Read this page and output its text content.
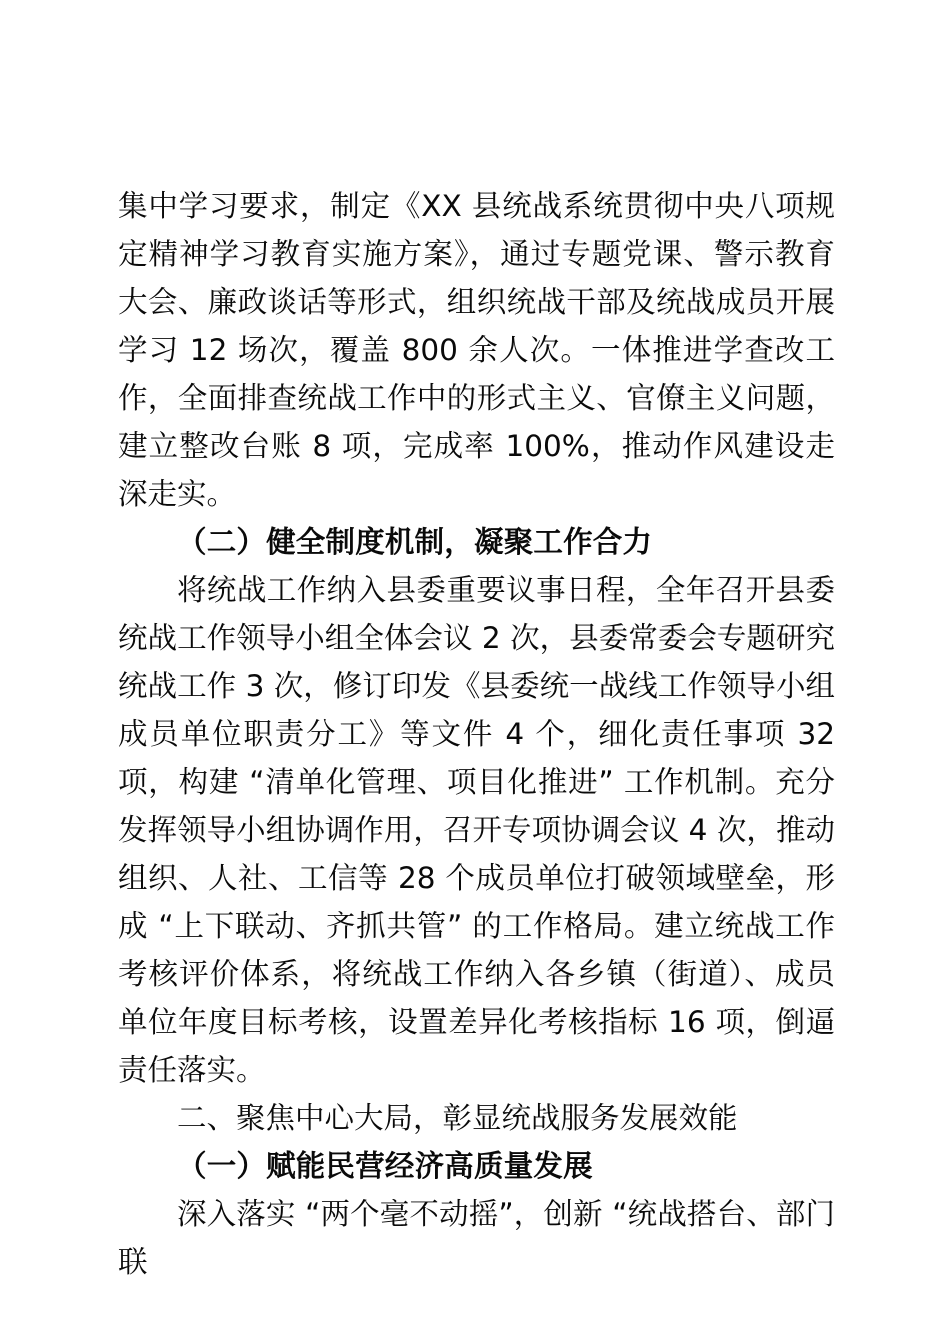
集中学习要求，制定《XX 县统战系统贯彻中央八项规定精神学习教育实施方案》，通过专题党课、警示教育大会、廉政谈话等形式，组织统战干部及统战成员开展学习 12 场次，覆盖 800 余人次。一体推进学查改工作，全面排查统战工作中的形式主义、官僚主义问题，建立整改台账 8 项，完成率 100%，推动作风建设走深走实。

（二）健全制度机制，凝聚工作合力

将统战工作纳入县委重要议事日程，全年召开县委统战工作领导小组全体会议 2 次，县委常委会专题研究统战工作 3 次，修订印发《县委统一战线工作领导小组成员单位职责分工》等文件 4 个，细化责任事项 32 项，构建 “清单化管理、项目化推进” 工作机制。充分发挥领导小组协调作用，召开专项协调会议 4 次，推动组织、人社、工信等 28 个成员单位打破领域壁垒，形成 “上下联动、齐抓共管” 的工作格局。建立统战工作考核评价体系，将统战工作纳入各乡镇（街道）、成员单位年度目标考核，设置差异化考核指标 16 项，倒逼责任落实。

二、聚焦中心大局，彰显统战服务发展效能

（一）赋能民营经济高质量发展

深入落实 “两个毫不动摇”，创新 “统战搭台、部门联
